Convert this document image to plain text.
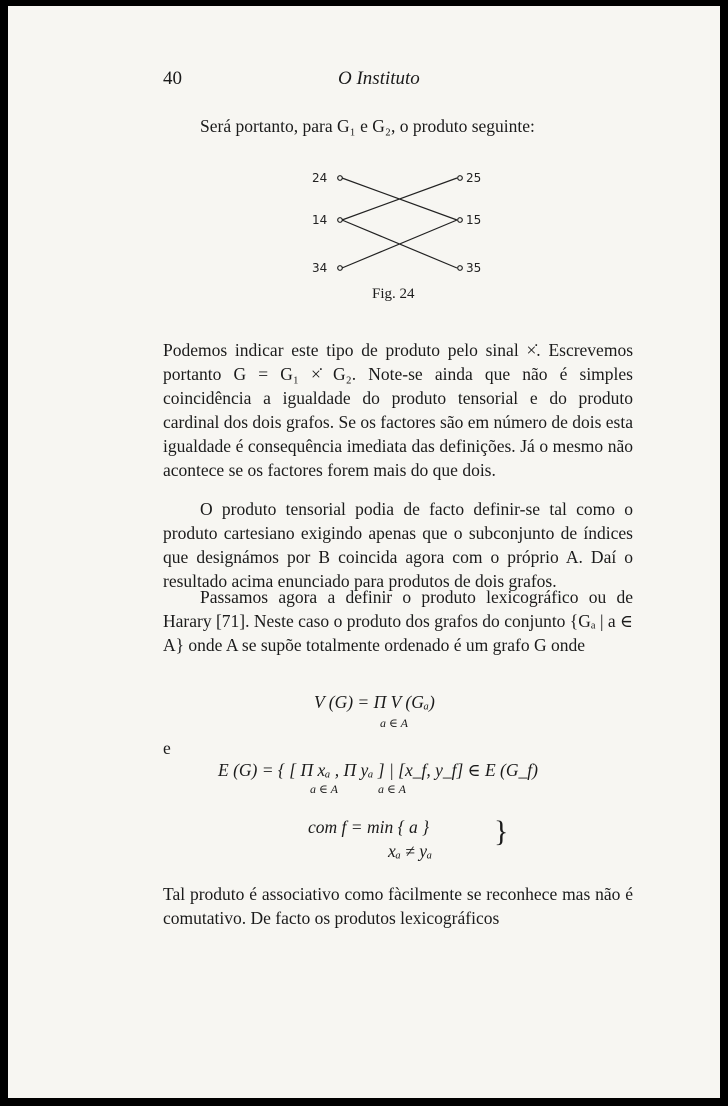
40	O Instituto
Será portanto, para G₁ e G₂, o produto seguinte:
24
14
34
25
15
35
Fig. 24
Podemos indicar este tipo de produto pelo sinal ×̇. Escrevemos portanto G = G₁ ×̇ G₂. Note-se ainda que não é simples coincidência a igualdade do produto tensorial e do produto cardinal dos dois grafos. Se os factores são em número de dois esta igualdade é consequência imediata das definições. Já o mesmo não acontece se os factores forem mais do que dois.
O produto tensorial podia de facto definir-se tal como o produto cartesiano exigindo apenas que o subconjunto de índices que designámos por B coincida agora com o próprio A. Daí o resultado acima enunciado para produtos de dois grafos.
Passamos agora a definir o produto lexicográfico ou de Harary [71]. Neste caso o produto dos grafos do conjunto {Gₐ | a ∈ A} onde A se supõe totalmente ordenado é um grafo G onde
V (G) = Π V (Gₐ)
a ∈ A
e
E (G) = { [ Π xₐ , Π yₐ ] | [x_f, y_f] ∈ E (G_f)
a ∈ A	a ∈ A
com f = min { a }
xₐ ≠ yₐ
}
Tal produto é associativo como fàcilmente se reconhece mas não é comutativo. De facto os produtos lexicográficos
